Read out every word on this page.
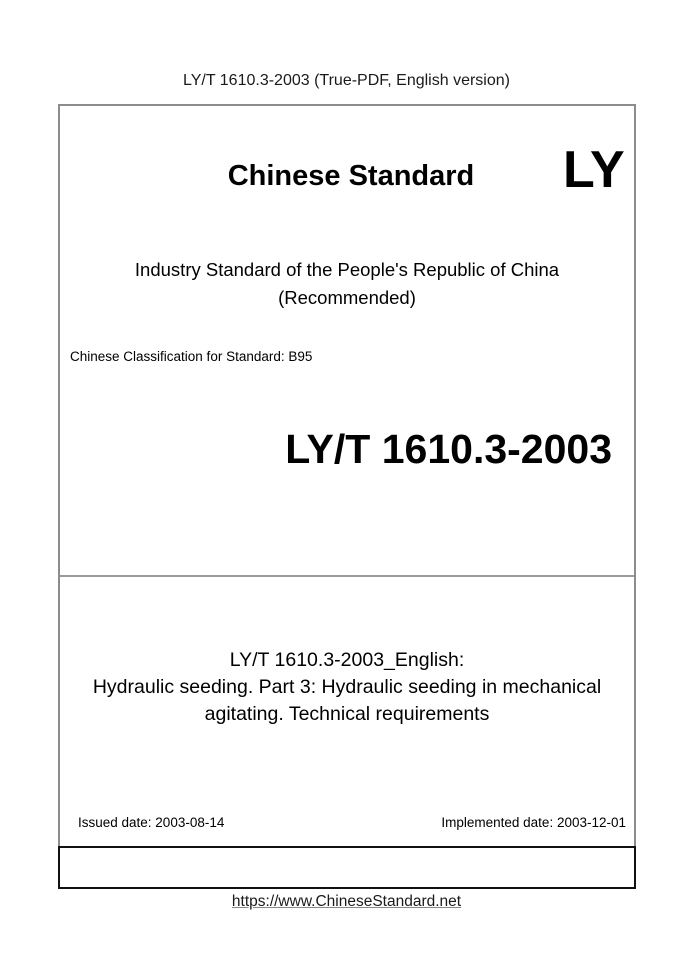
LY/T 1610.3-2003 (True-PDF, English version)
Chinese Standard	LY
Industry Standard of the People's Republic of China
(Recommended)
Chinese Classification for Standard: B95
LY/T 1610.3-2003
LY/T 1610.3-2003_English:
Hydraulic seeding. Part 3: Hydraulic seeding in mechanical
agitating. Technical requirements
Issued date: 2003-08-14	Implemented date: 2003-12-01
https://www.ChineseStandard.net
